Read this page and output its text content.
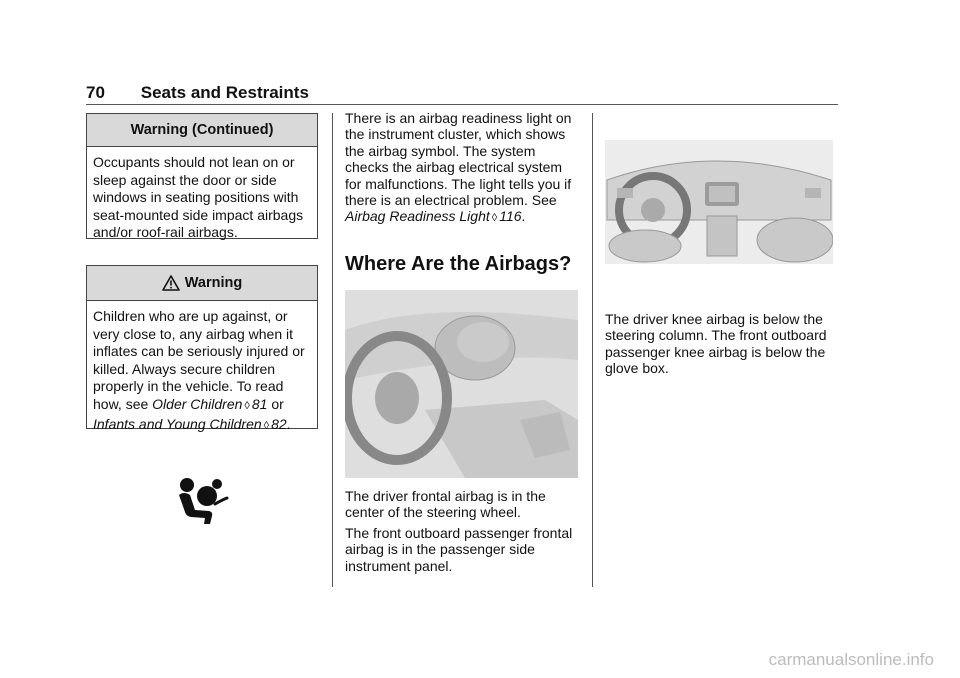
70 Seats and Restraints
Warning (Continued)
Occupants should not lean on or sleep against the door or side windows in seating positions with seat-mounted side impact airbags and/or roof-rail airbags.
Warning
Children who are up against, or very close to, any airbag when it inflates can be seriously injured or killed. Always secure children properly in the vehicle. To read how, see Older Children ◊ 81 or Infants and Young Children ◊ 82.

There is an airbag readiness light on the instrument cluster, which shows the airbag symbol. The system checks the airbag electrical system for malfunctions. The light tells you if there is an electrical problem. See Airbag Readiness Light ◊ 116.

Where Are the Airbags?

The driver frontal airbag is in the center of the steering wheel.

The front outboard passenger frontal airbag is in the passenger side instrument panel.

The driver knee airbag is below the steering column. The front outboard passenger knee airbag is below the glove box.

carmanualsonline.info
